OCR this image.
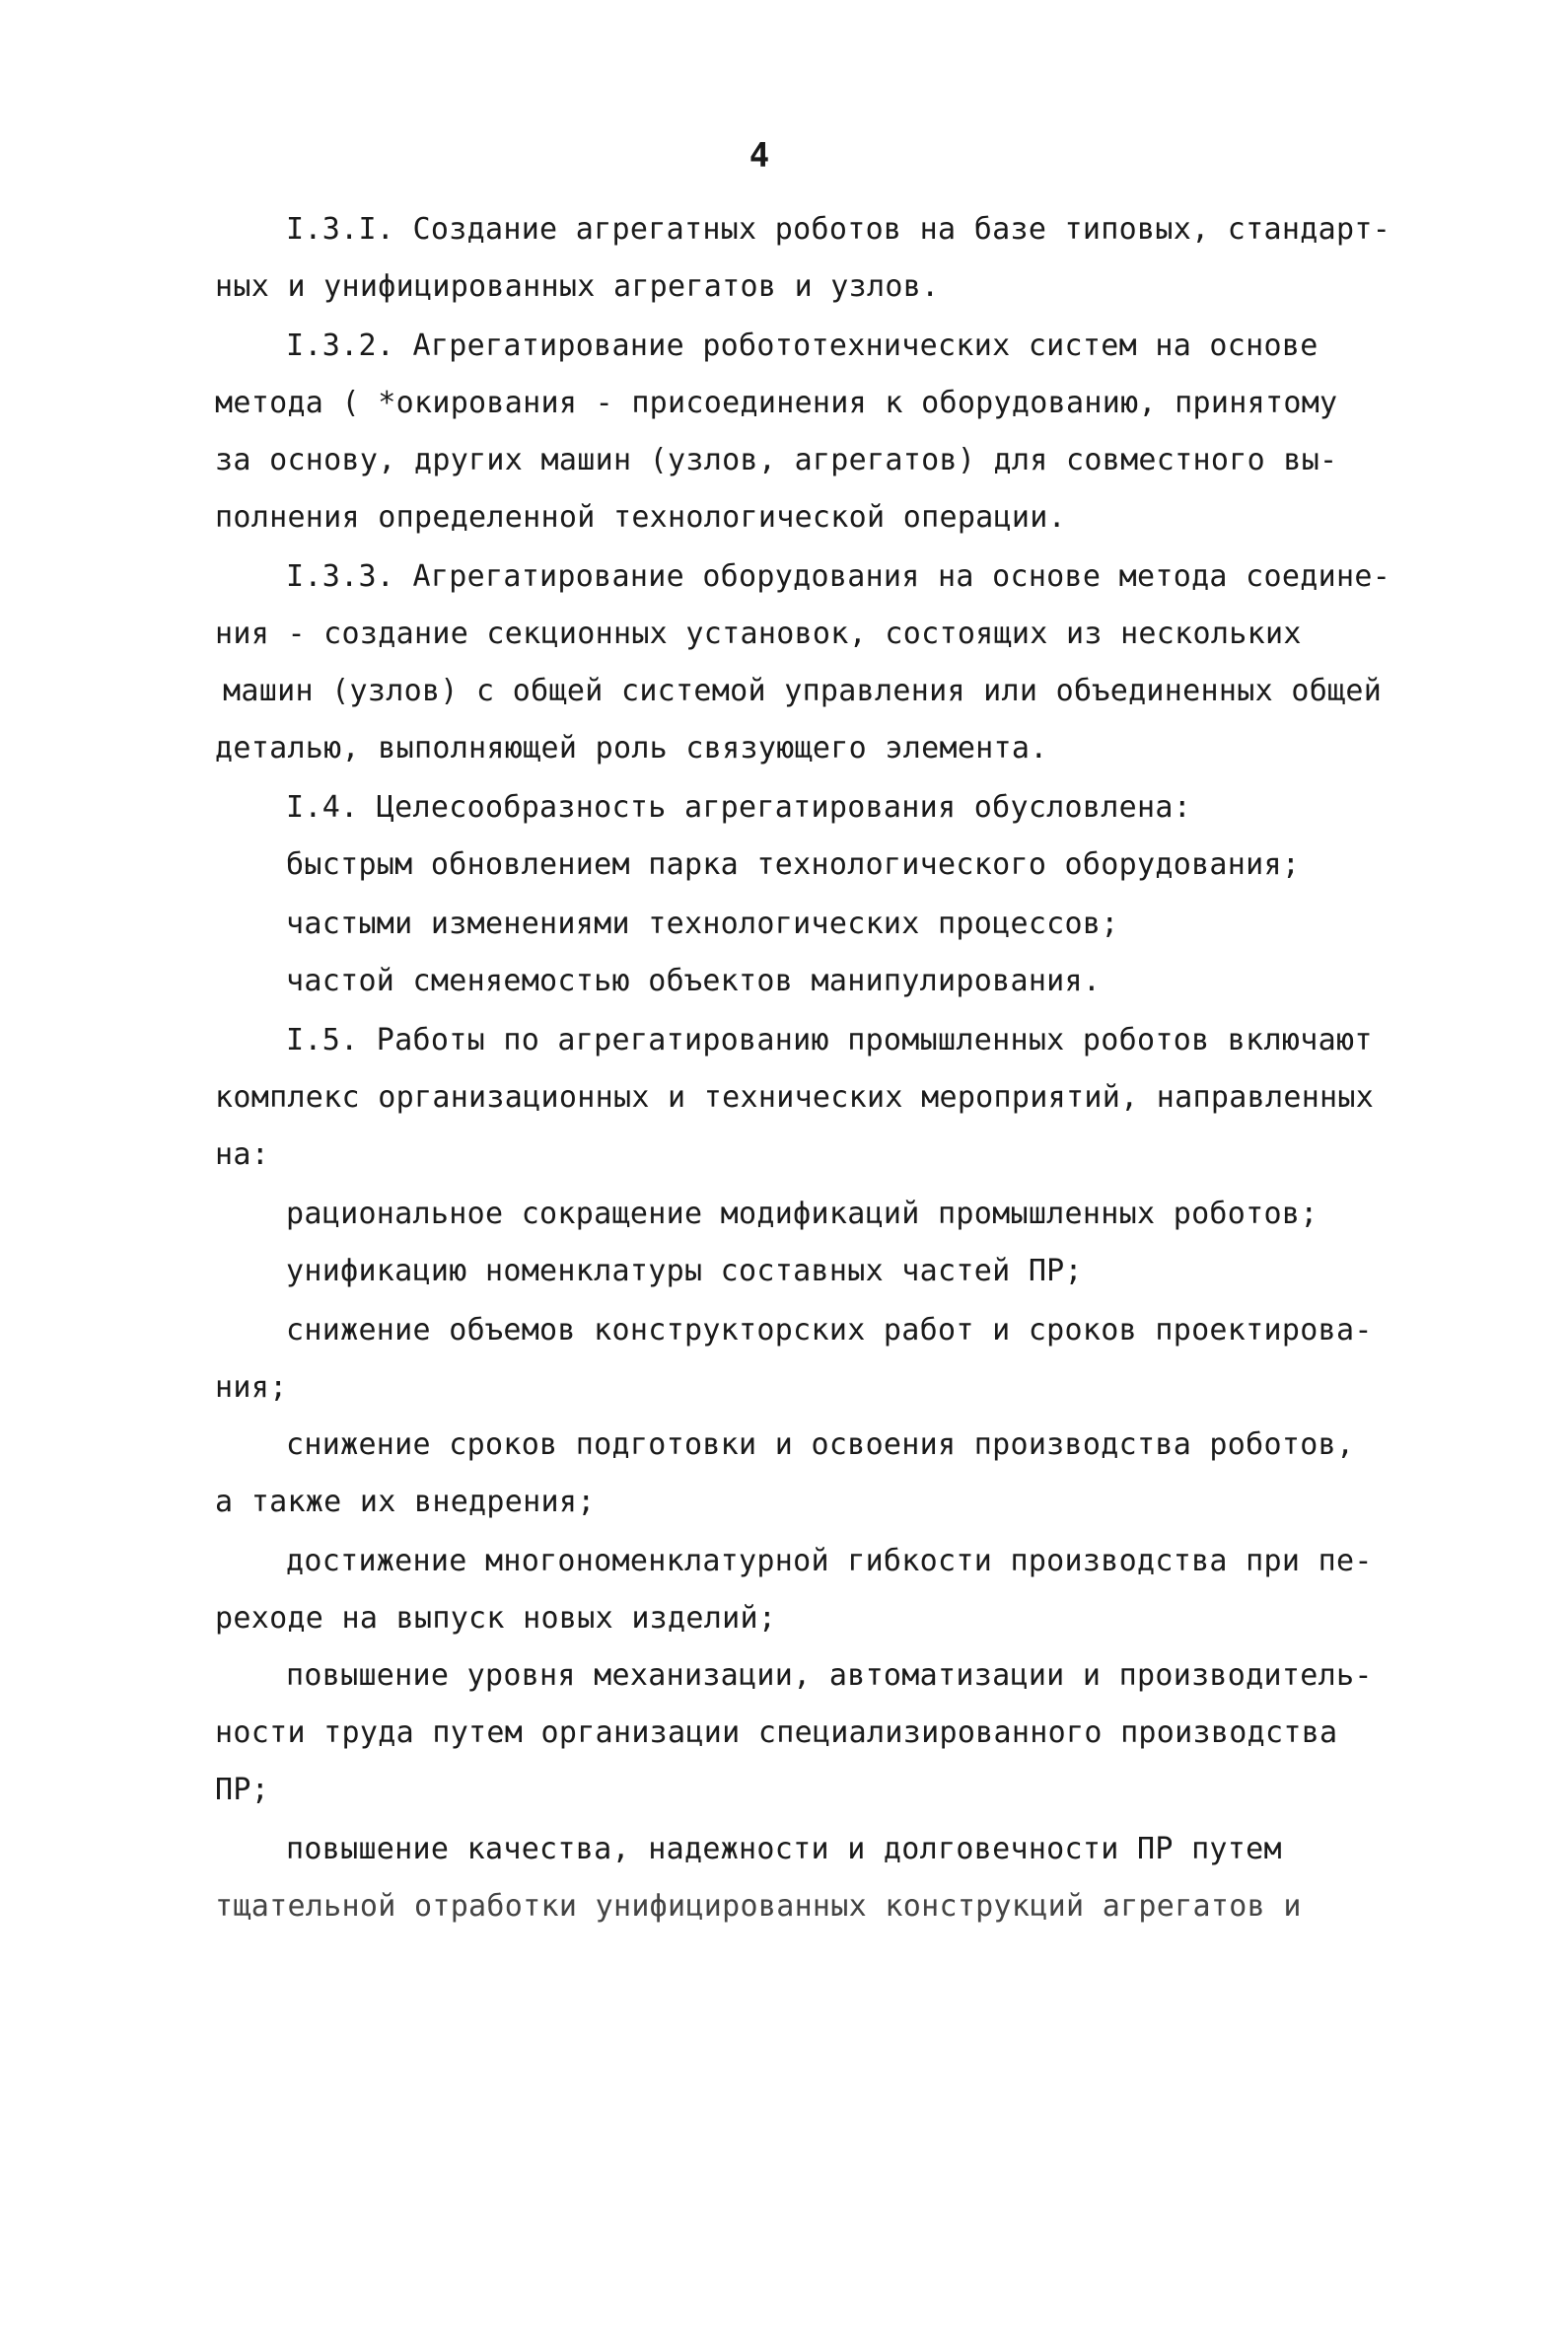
4
I.3.I. Создание агрегатных роботов на базе типовых, стандарт-
ных и унифицированных агрегатов и узлов.
I.3.2. Агрегатирование робототехнических систем на основе
метода ( *окирования - присоединения к оборудованию, принятому
за основу, других машин (узлов, агрегатов) для совместного вы-
полнения определенной технологической операции.
I.3.3. Агрегатирование оборудования на основе метода соедине-
ния - создание секционных установок, состоящих из нескольких
машин (узлов) с общей системой управления или объединенных общей
деталью, выполняющей роль связующего элемента.
I.4. Целесообразность агрегатирования обусловлена:
быстрым обновлением парка технологического оборудования;
частыми изменениями технологических процессов;
частой сменяемостью объектов манипулирования.
I.5. Работы по агрегатированию промышленных роботов включают
комплекс организационных и технических мероприятий, направленных
на:
рациональное сокращение модификаций промышленных роботов;
унификацию номенклатуры составных частей ПР;
снижение объемов конструкторских работ и сроков проектирова-
ния;
снижение сроков подготовки и освоения производства роботов,
а также их внедрения;
достижение многономенклатурной гибкости производства при пе-
реходе на выпуск новых изделий;
повышение уровня механизации, автоматизации и производитель-
ности труда путем организации специализированного производства
ПР;
повышение качества, надежности и долговечности ПР путем
тщательной отработки унифицированных конструкций агрегатов и
